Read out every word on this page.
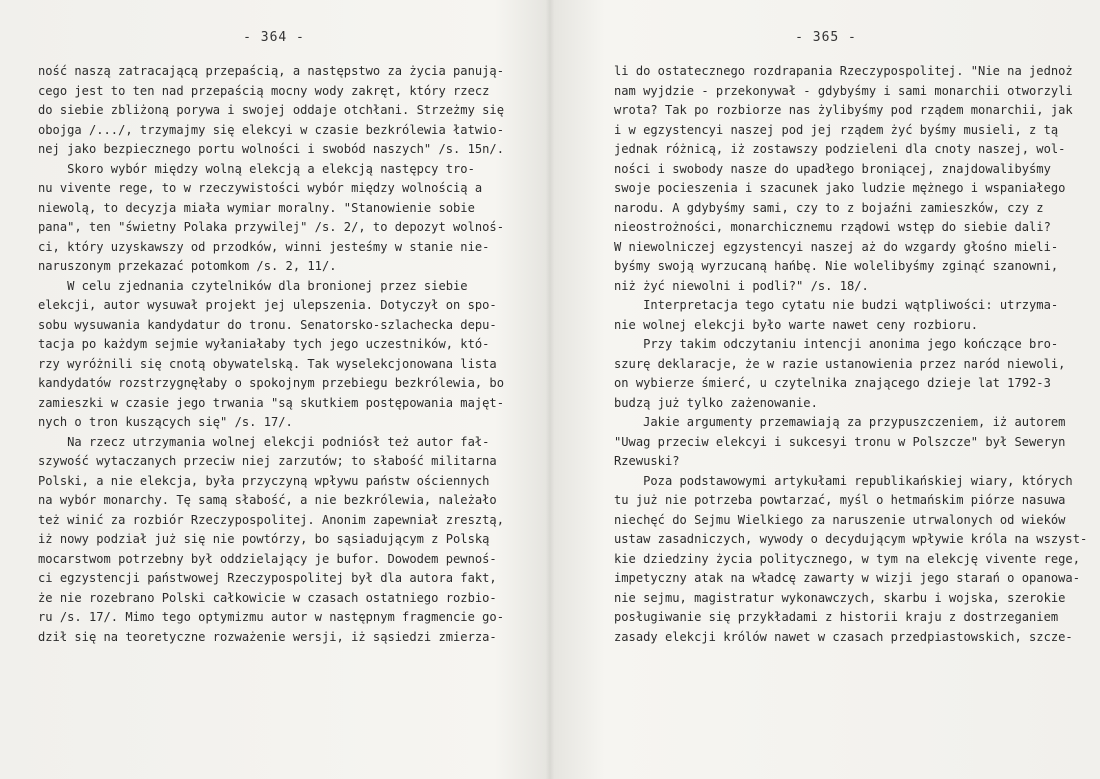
- 364 -
ność naszą zatracającą przepaścią, a następstwo za życia panują-
cego jest to ten nad przepaścią mocny wody zakręt, który rzecz
do siebie zbliżoną porywa i swojej oddaje otchłani. Strzeżmy się
obojga /.../, trzymajmy się elekcyi w czasie bezkrólewia łatwio-
nej jako bezpiecznego portu wolności i swobód naszych" /s. 15n/.
Skoro wybór między wolną elekcją a elekcją następcy tro-
nu vivente rege, to w rzeczywistości wybór między wolnością a
niewolą, to decyzja miała wymiar moralny. "Stanowienie sobie
pana", ten "świetny Polaka przywilej" /s. 2/, to depozyt wolnoś-
ci, który uzyskawszy od przodków, winni jesteśmy w stanie nie-
naruszonym przekazać potomkom /s. 2, 11/.
W celu zjednania czytelników dla bronionej przez siebie
elekcji, autor wysuwał projekt jej ulepszenia. Dotyczył on spo-
sobu wysuwania kandydatur do tronu. Senatorsko-szlachecka depu-
tacja po każdym sejmie wyłaniałaby tych jego uczestników, któ-
rzy wyróżnili się cnotą obywatelską. Tak wyselekcjonowana lista
kandydatów rozstrzygnęłaby o spokojnym przebiegu bezkrólewia, bo
zamieszki w czasie jego trwania "są skutkiem postępowania majęt-
nych o tron kuszących się" /s. 17/.
Na rzecz utrzymania wolnej elekcji podniósł też autor fał-
szywość wytaczanych przeciw niej zarzutów; to słabość militarna
Polski, a nie elekcja, była przyczyną wpływu państw ościennych
na wybór monarchy. Tę samą słabość, a nie bezkrólewia, należało
też winić za rozbiór Rzeczypospolitej. Anonim zapewniał zresztą,
iż nowy podział już się nie powtórzy, bo sąsiadującym z Polską
mocarstwom potrzebny był oddzielający je bufor. Dowodem pewnoś-
ci egzystencji państwowej Rzeczypospolitej był dla autora fakt,
że nie rozebrano Polski całkowicie w czasach ostatniego rozbio-
ru /s. 17/. Mimo tego optymizmu autor w następnym fragmencie go-
dził się na teoretyczne rozważenie wersji, iż sąsiedzi zmierza-
- 365 -
li do ostatecznego rozdrapania Rzeczypospolitej. "Nie na jednoż
nam wyjdzie - przekonywał - gdybyśmy i sami monarchii otworzyli
wrota? Tak po rozbiorze nas żylibyśmy pod rządem monarchii, jak
i w egzystencyi naszej pod jej rządem żyć byśmy musieli, z tą
jednak różnicą, iż zostawszy podzieleni dla cnoty naszej, wol-
ności i swobody nasze do upadłego broniącej, znajdowalibyśmy
swoje pocieszenia i szacunek jako ludzie mężnego i wspaniałego
narodu. A gdybyśmy sami, czy to z bojaźni zamieszków, czy z
nieostrożności, monarchicznemu rządowi wstęp do siebie dali?
W niewolniczej egzystencyi naszej aż do wzgardy głośno mieli-
byśmy swoją wyrzucaną hańbę. Nie wolelibyśmy zginąć szanowni,
niż żyć niewolni i podli?" /s. 18/.
Interpretacja tego cytatu nie budzi wątpliwości: utrzyma-
nie wolnej elekcji było warte nawet ceny rozbioru.
Przy takim odczytaniu intencji anonima jego kończące bro-
szurę deklaracje, że w razie ustanowienia przez naród niewoli,
on wybierze śmierć, u czytelnika znającego dzieje lat 1792-3
budzą już tylko zażenowanie.
Jakie argumenty przemawiają za przypuszczeniem, iż autorem
"Uwag przeciw elekcyi i sukcesyi tronu w Polszcze" był Seweryn
Rzewuski?
Poza podstawowymi artykułami republikańskiej wiary, których
tu już nie potrzeba powtarzać, myśl o hetmańskim piórze nasuwa
niechęć do Sejmu Wielkiego za naruszenie utrwalonych od wieków
ustaw zasadniczych, wywody o decydującym wpływie króla na wszyst-
kie dziedziny życia politycznego, w tym na elekcję vivente rege,
impetyczny atak na władcę zawarty w wizji jego starań o opanowa-
nie sejmu, magistratur wykonawczych, skarbu i wojska, szerokie
posługiwanie się przykładami z historii kraju z dostrzeganiem
zasady elekcji królów nawet w czasach przedpiastowskich, szcze-
